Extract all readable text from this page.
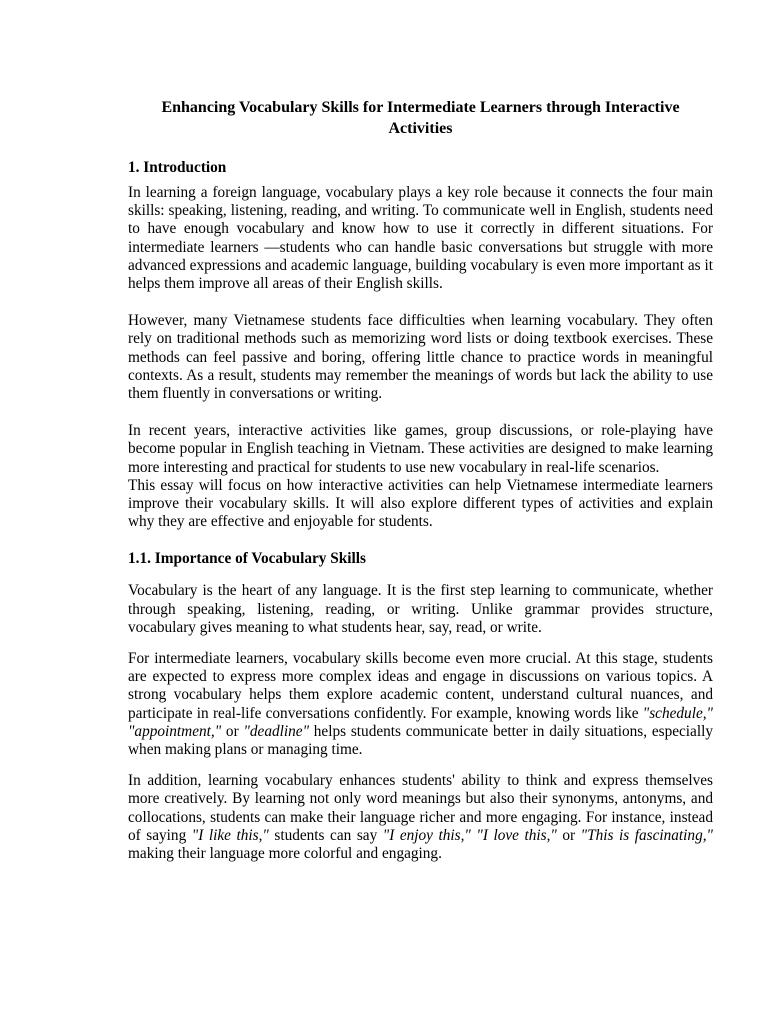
Enhancing Vocabulary Skills for Intermediate Learners through Interactive Activities
1. Introduction

In learning a foreign language, vocabulary plays a key role because it connects the four main skills: speaking, listening, reading, and writing. To communicate well in English, students need to have enough vocabulary and know how to use it correctly in different situations. For intermediate learners —students who can handle basic conversations but struggle with more advanced expressions and academic language, building vocabulary is even more important as it helps them improve all areas of their English skills.

However, many Vietnamese students face difficulties when learning vocabulary. They often rely on traditional methods such as memorizing word lists or doing textbook exercises. These methods can feel passive and boring, offering little chance to practice words in meaningful contexts. As a result, students may remember the meanings of words but lack the ability to use them fluently in conversations or writing.

In recent years, interactive activities like games, group discussions, or role-playing have become popular in English teaching in Vietnam. These activities are designed to make learning more interesting and practical for students to use new vocabulary in real-life scenarios.

This essay will focus on how interactive activities can help Vietnamese intermediate learners improve their vocabulary skills. It will also explore different types of activities and explain why they are effective and enjoyable for students.

1.1. Importance of Vocabulary Skills

Vocabulary is the heart of any language. It is the first step learning to communicate, whether through speaking, listening, reading, or writing. Unlike grammar provides structure, vocabulary gives meaning to what students hear, say, read, or write.

For intermediate learners, vocabulary skills become even more crucial. At this stage, students are expected to express more complex ideas and engage in discussions on various topics. A strong vocabulary helps them explore academic content, understand cultural nuances, and participate in real-life conversations confidently. For example, knowing words like "schedule," "appointment," or "deadline" helps students communicate better in daily situations, especially when making plans or managing time.

In addition, learning vocabulary enhances students' ability to think and express themselves more creatively. By learning not only word meanings but also their synonyms, antonyms, and collocations, students can make their language richer and more engaging. For instance, instead of saying "I like this," students can say "I enjoy this," "I love this," or "This is fascinating," making their language more colorful and engaging.
